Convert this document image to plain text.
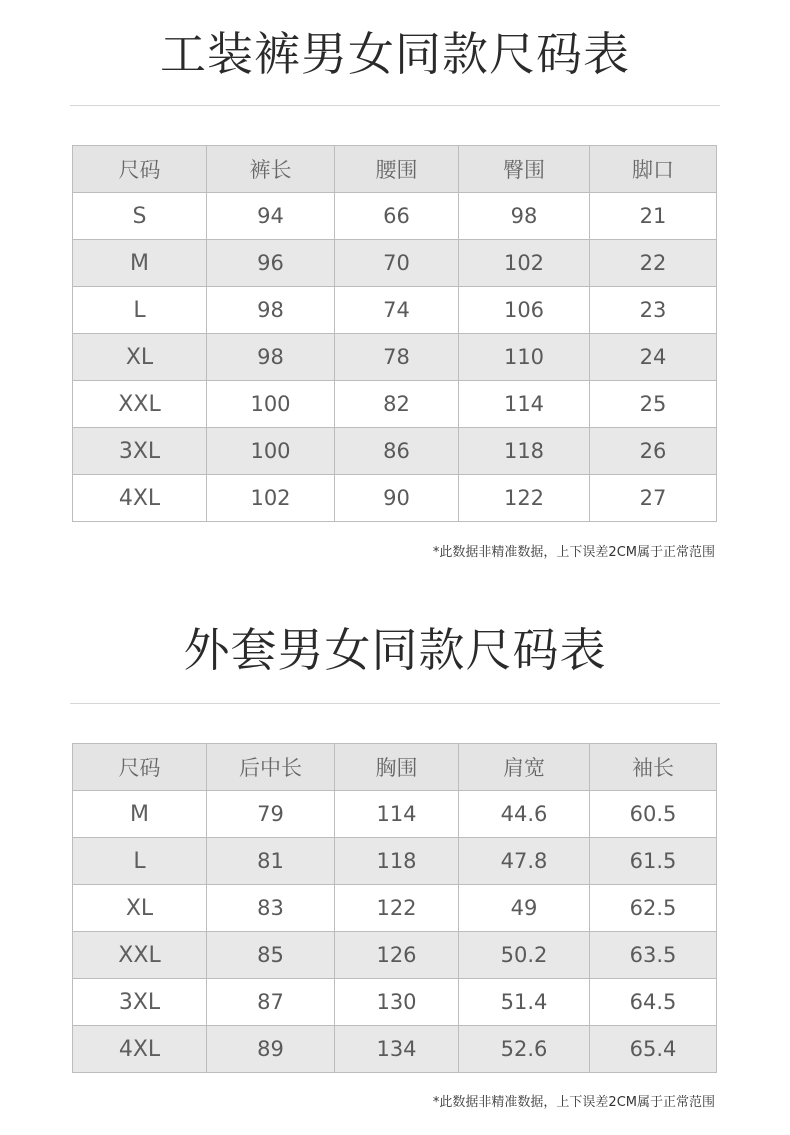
工装裤男女同款尺码表
尺码	裤长	腰围	臀围	脚口
S	94	66	98	21
M	96	70	102	22
L	98	74	106	23
XL	98	78	110	24
XXL	100	82	114	25
3XL	100	86	118	26
4XL	102	90	122	27
*此数据非精准数据，上下误差2CM属于正常范围
外套男女同款尺码表
尺码	后中长	胸围	肩宽	袖长
M	79	114	44.6	60.5
L	81	118	47.8	61.5
XL	83	122	49	62.5
XXL	85	126	50.2	63.5
3XL	87	130	51.4	64.5
4XL	89	134	52.6	65.4
*此数据非精准数据，上下误差2CM属于正常范围
